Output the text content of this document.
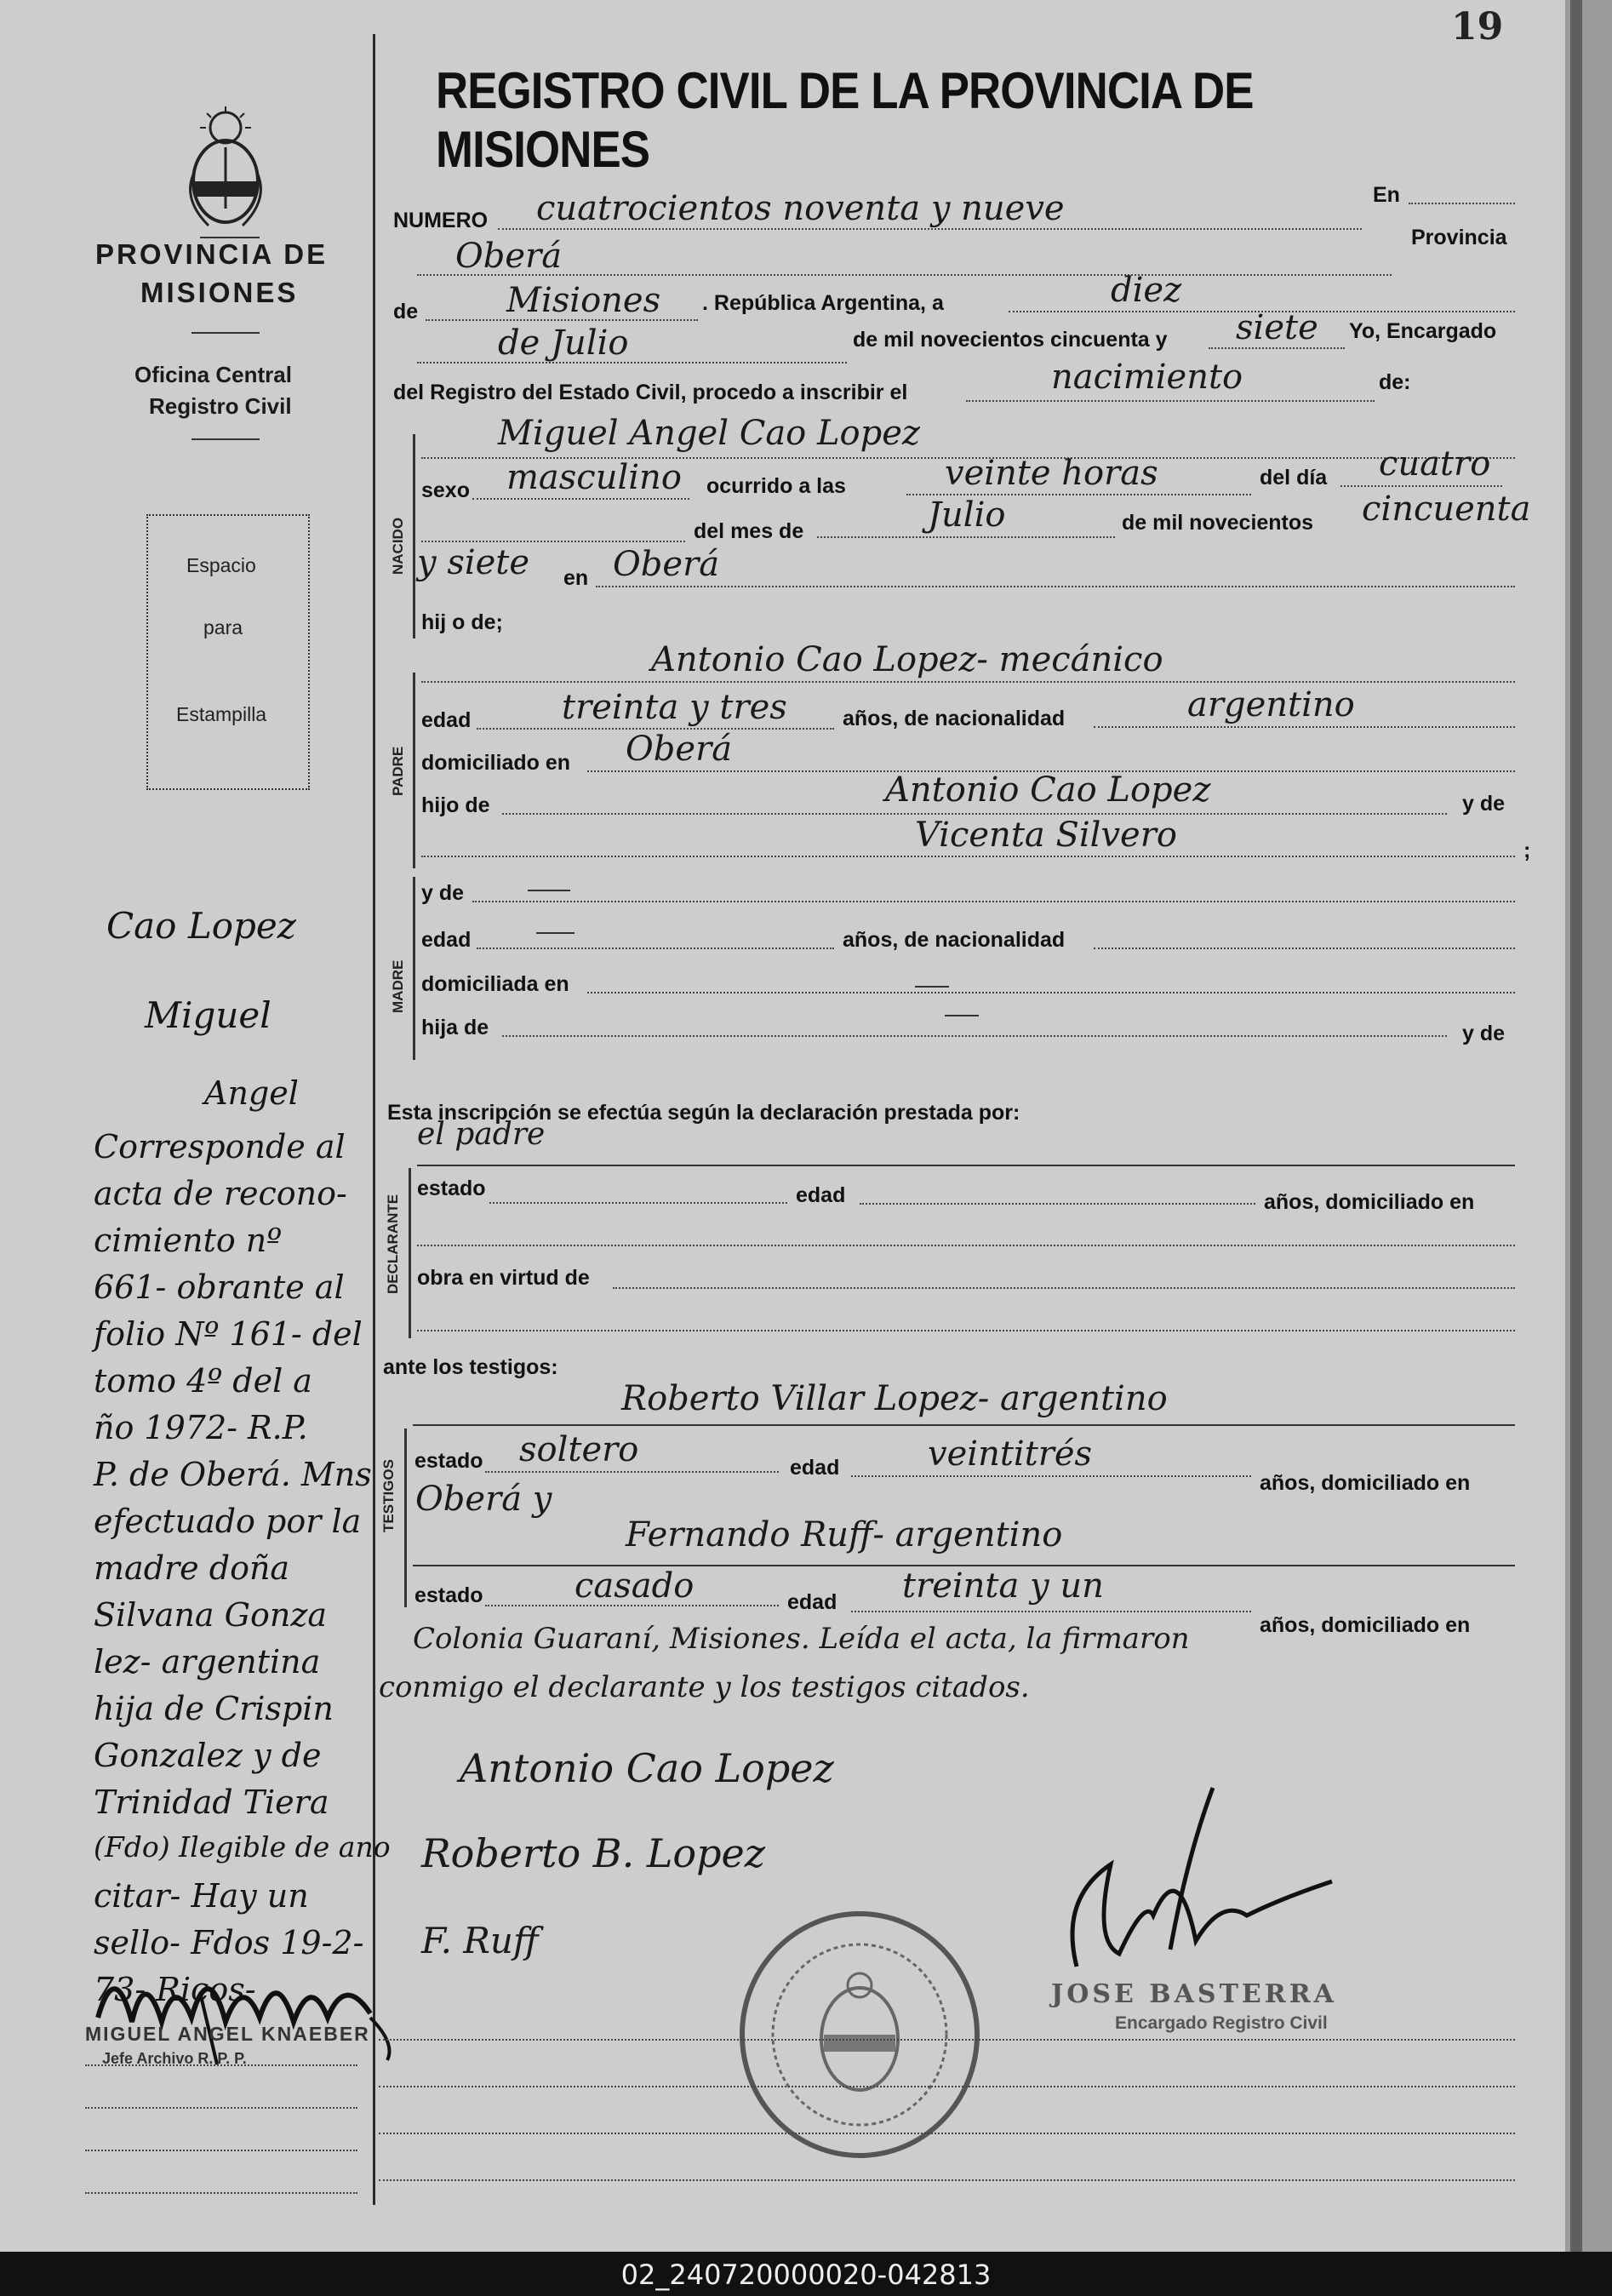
19
REGISTRO CIVIL DE LA PROVINCIA DE MISIONES
PROVINCIA DE
MISIONES
Oficina Central
Registro Civil
Espacio
para
Estampilla
Cao Lopez
Miguel
Angel
Corresponde al
acta de recono-
cimiento nº
661- obrante al
folio Nº 161- del
tomo 4º del a
ño 1972- R.P.
P. de Oberá. Mns
efectuado por la
madre doña
Silvana Gonza
lez- argentina
hija de Crispin
Gonzalez y de
Trinidad Tiera
(Fdo) Ilegible de ano
citar- Hay un
sello- Fdos 19-2-
73- Ricos-
MIGUEL ANGEL KNAEBER
Jefe Archivo R. P. P.
NUMERO cuatrocientos noventa y nueve	En
Provincia
Oberá
de	Misiones . República Argentina, a	diez
de Julio	de mil novecientos cincuenta y siete Yo, Encargado
del Registro del Estado Civil, procedo a inscribir el	nacimiento	de:
NACIDO
Miguel Angel Cao Lopez
sexo masculino ocurrido a las	veinte horas	del día cuatro
del mes de	Julio	de mil novecientos cincuenta
y siete en Oberá
hij o de;
PADRE
Antonio Cao Lopez- mecánico
edad	treinta y tres	años, de nacionalidad	argentino
domiciliado en Oberá
hijo de	Antonio Cao Lopez	y de
Vicenta Silvero	;
MADRE
y de
edad	años, de nacionalidad
domiciliada en
hija de	y de
Esta inscripción se efectúa según la declaración prestada por:
el padre
DECLARANTE
estado	edad	años, domiciliado en
obra en virtud de
ante los testigos:
Roberto Villar Lopez- argentino
TESTIGOS estado soltero	edad	veintitrés
años, domiciliado en
Oberá y
Fernando Ruff- argentino
estado	casado	edad treinta y un
años, domiciliado en
Colonia Guaraní, Misiones. Leída el acta, la firmaron
conmigo el declarante y los testigos citados.
Antonio Cao Lopez
Roberto B. Lopez
F. Ruff
JOSE BASTERRA
Encargado Registro Civil
02_240720000020-042813
